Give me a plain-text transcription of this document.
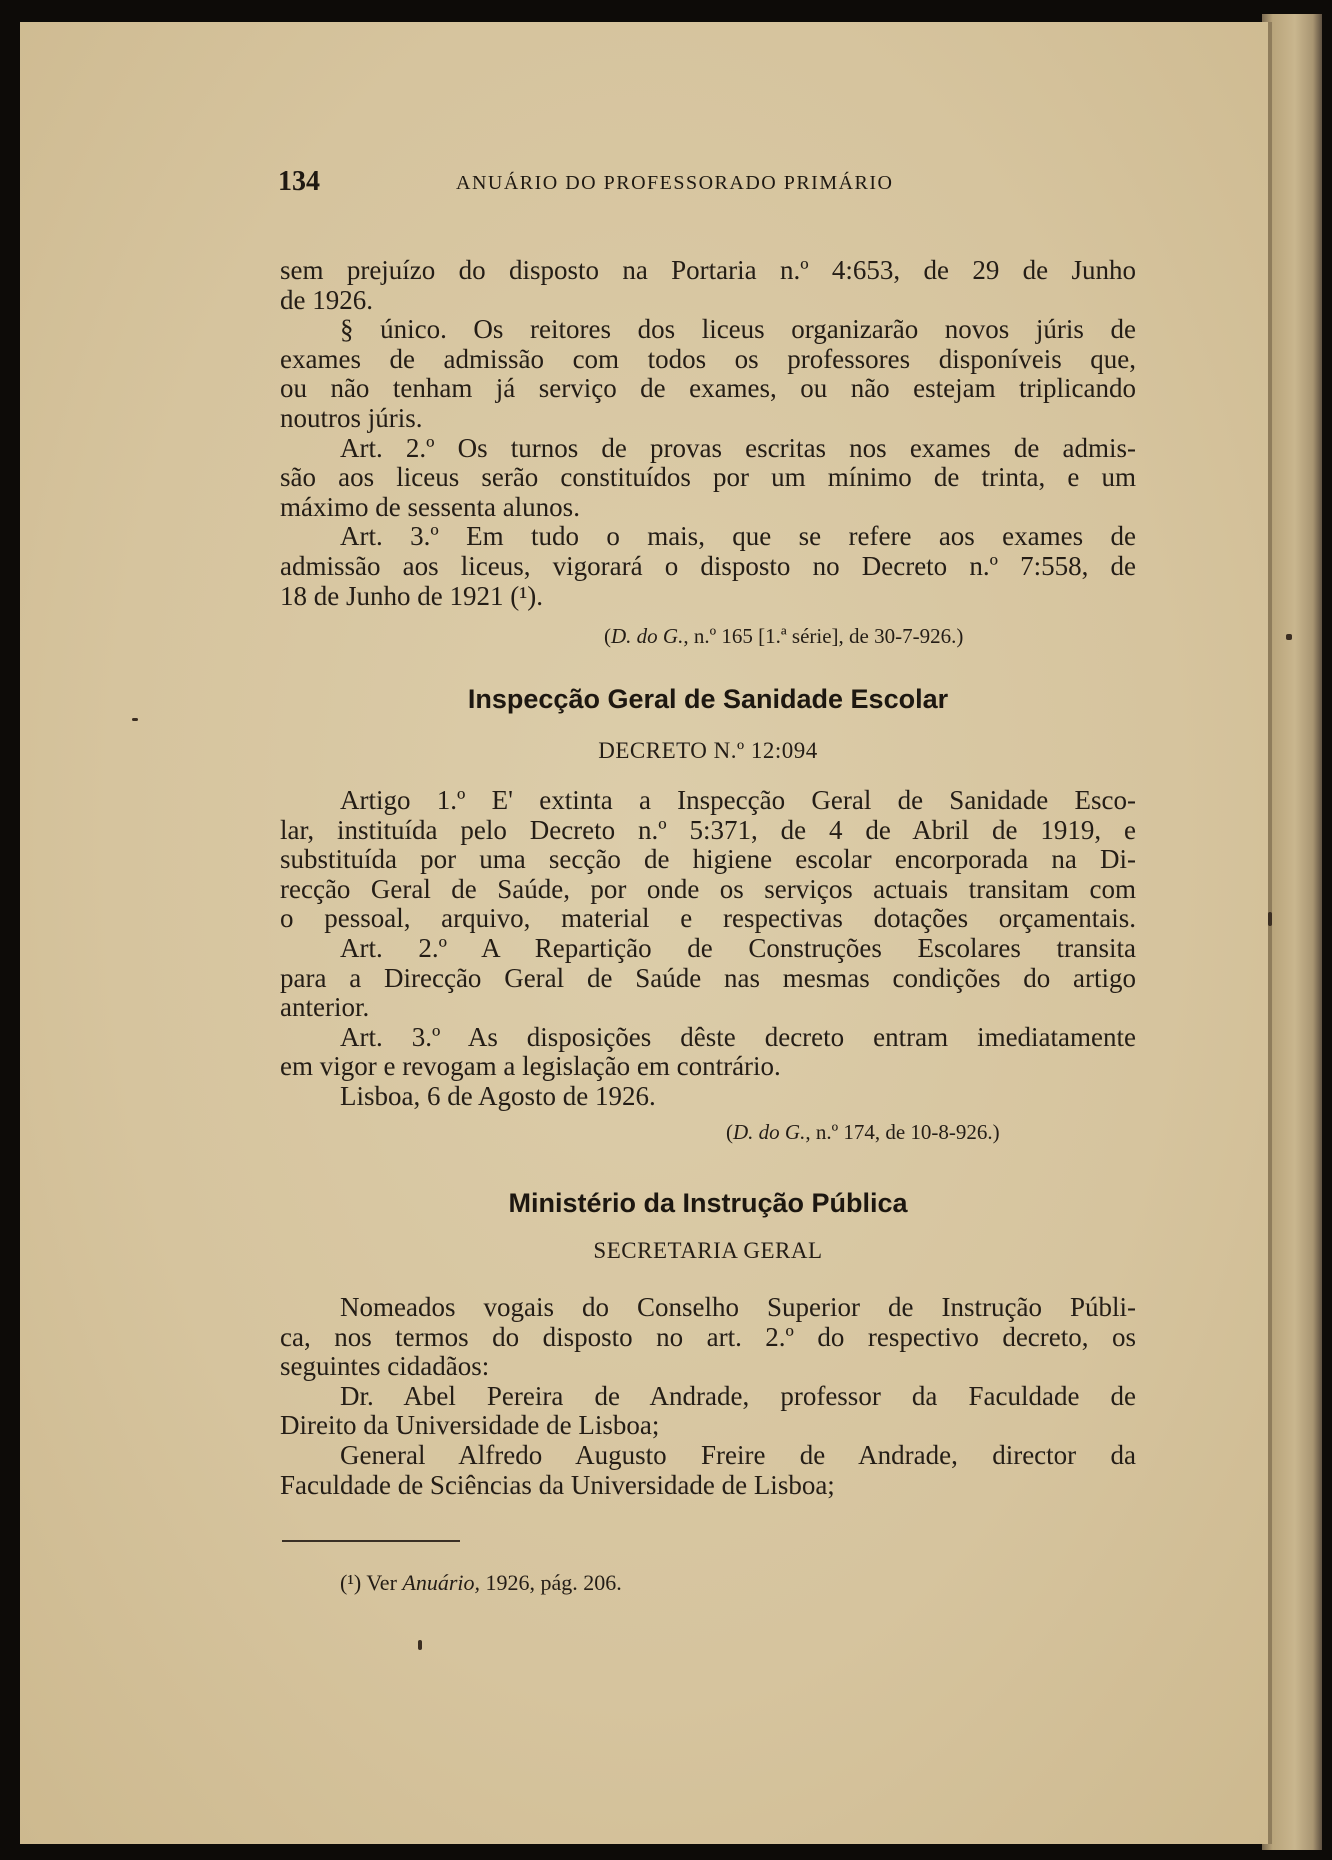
134	ANUÁRIO DO PROFESSORADO PRIMÁRIO
sem prejuízo do disposto na Portaria n.º 4:653, de 29 de Junho
de 1926.
§ único. Os reitores dos liceus organizarão novos júris de
exames de admissão com todos os professores disponíveis que,
ou não tenham já serviço de exames, ou não estejam triplicando
noutros júris.
Art. 2.º Os turnos de provas escritas nos exames de admis-
são aos liceus serão constituídos por um mínimo de trinta, e um
máximo de sessenta alunos.
Art. 3.º Em tudo o mais, que se refere aos exames de
admissão aos liceus, vigorará o disposto no Decreto n.º 7:558, de
18 de Junho de 1921 (¹).
(D. do G., n.º 165 [1.ª série], de 30-7-926.)
Inspecção Geral de Sanidade Escolar
DECRETO N.º 12:094
Artigo 1.º E' extinta a Inspecção Geral de Sanidade Esco-
lar, instituída pelo Decreto n.º 5:371, de 4 de Abril de 1919, e
substituída por uma secção de higiene escolar encorporada na Di-
recção Geral de Saúde, por onde os serviços actuais transitam com
o pessoal, arquivo, material e respectivas dotações orçamentais.
Art. 2.º A Repartição de Construções Escolares transita
para a Direcção Geral de Saúde nas mesmas condições do artigo
anterior.
Art. 3.º As disposições dêste decreto entram imediatamente
em vigor e revogam a legislação em contrário.
Lisboa, 6 de Agosto de 1926.
(D. do G., n.º 174, de 10-8-926.)
Ministério da Instrução Pública
SECRETARIA GERAL
Nomeados vogais do Conselho Superior de Instrução Públi-
ca, nos termos do disposto no art. 2.º do respectivo decreto, os
seguintes cidadãos:
Dr. Abel Pereira de Andrade, professor da Faculdade de
Direito da Universidade de Lisboa;
General Alfredo Augusto Freire de Andrade, director da
Faculdade de Sciências da Universidade de Lisboa;
(¹) Ver Anuário, 1926, pág. 206.
